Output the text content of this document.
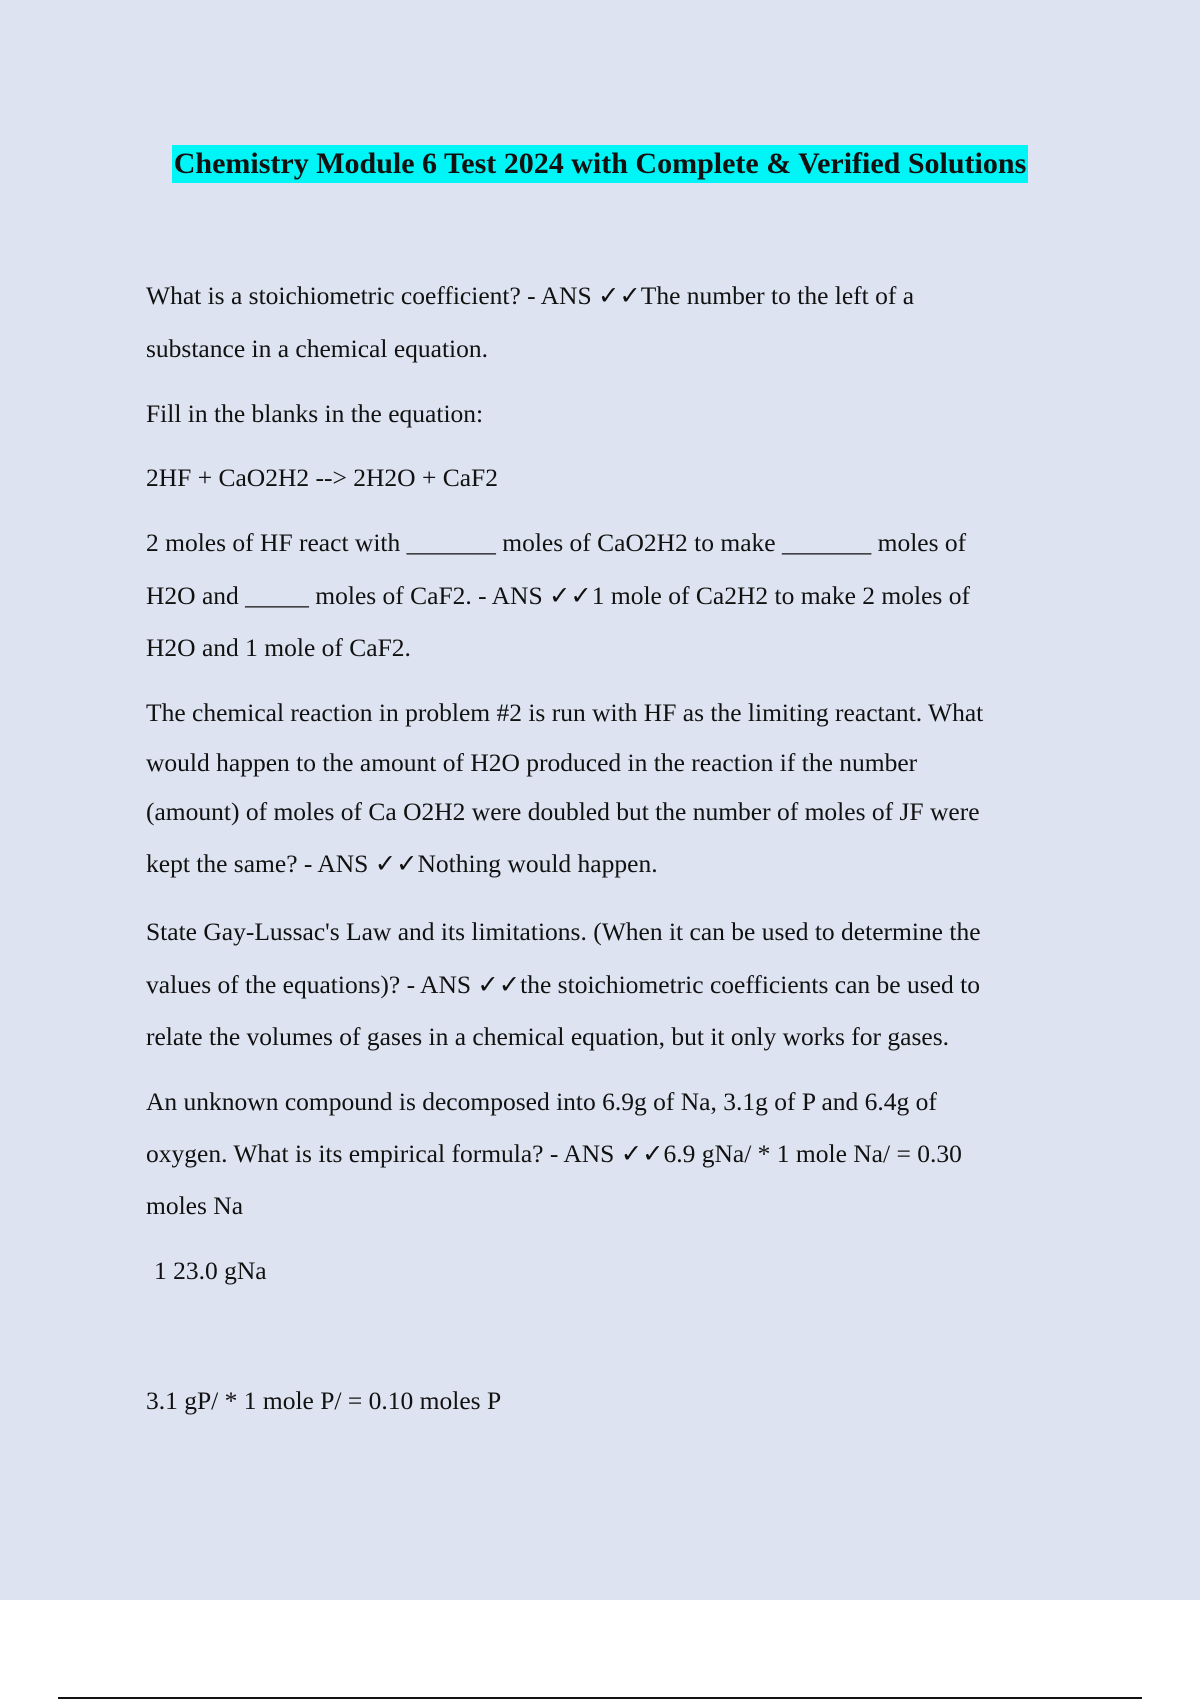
Chemistry Module 6 Test 2024 with Complete & Verified Solutions
What is a stoichiometric coefficient? - ANS ✓✓The number to the left of a
substance in a chemical equation.
Fill in the blanks in the equation:
2HF + CaO2H2 --> 2H2O + CaF2
2 moles of HF react with _______ moles of CaO2H2 to make _______ moles of
H2O and _____ moles of CaF2. - ANS ✓✓1 mole of Ca2H2 to make 2 moles of
H2O and 1 mole of CaF2.
The chemical reaction in problem #2 is run with HF as the limiting reactant. What
would happen to the amount of H2O produced in the reaction if the number
(amount) of moles of Ca O2H2 were doubled but the number of moles of JF were
kept the same? - ANS ✓✓Nothing would happen.
State Gay-Lussac's Law and its limitations. (When it can be used to determine the
values of the equations)? - ANS ✓✓the stoichiometric coefficients can be used to
relate the volumes of gases in a chemical equation, but it only works for gases.
An unknown compound is decomposed into 6.9g of Na, 3.1g of P and 6.4g of
oxygen. What is its empirical formula? - ANS ✓✓6.9 gNa/ * 1 mole Na/ = 0.30
moles Na
1 23.0 gNa
3.1 gP/ * 1 mole P/ = 0.10 moles P
